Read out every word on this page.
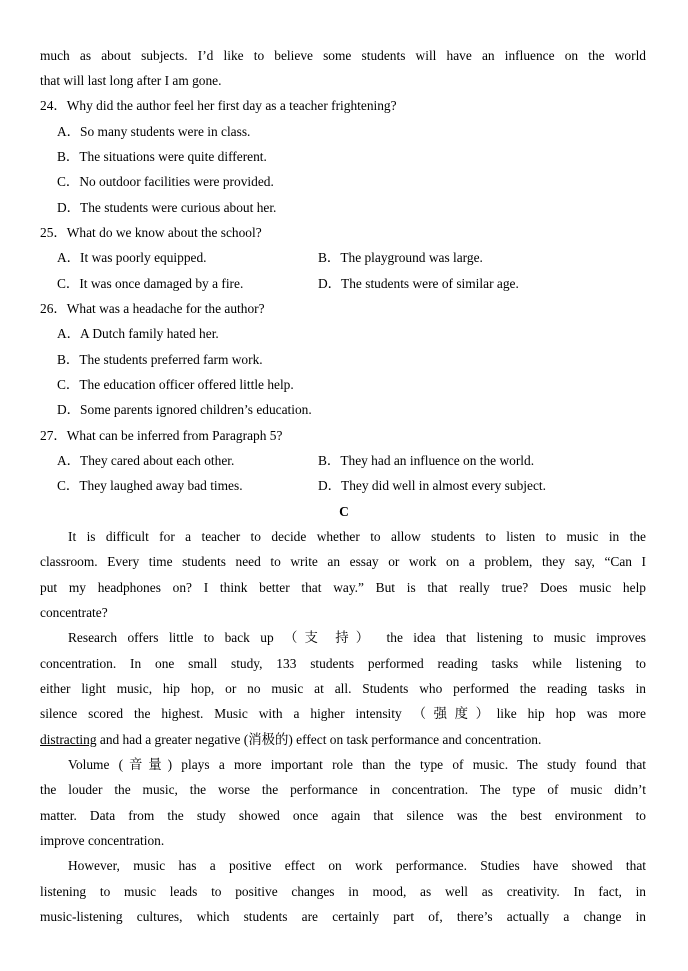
much as about subjects. I’d like to believe some students will have an influence on the world
that will last long after I am gone.
24．Why did the author feel her first day as a teacher frightening?
A．So many students were in class.
B．The situations were quite different.
C．No outdoor facilities were provided.
D．The students were curious about her.
25．What do we know about the school?
A．It was poorly equipped.	B．The playground was large.
C．It was once damaged by a fire.	D．The students were of similar age.
26．What was a headache for the author?
A．A Dutch family hated her.
B．The students preferred farm work.
C．The education officer offered little help.
D．Some parents ignored children’s education.
27．What can be inferred from Paragraph 5?
A．They cared about each other.	B．They had an influence on the world.
C．They laughed away bad times.	D．They did well in almost every subject.
C
It is difficult for a teacher to decide whether to allow students to listen to music in the
classroom. Every time students need to write an essay or work on a problem, they say, “Can I
put my headphones on? I think better that way.” But is that really true? Does music help
concentrate?
Research offers little to back up （支 持） the idea that listening to music improves
concentration. In one small study, 133 students performed reading tasks while listening to
either light music, hip hop, or no music at all. Students who performed the reading tasks in
silence scored the highest. Music with a higher intensity （强度）like hip hop was more
distracting and had a greater negative (消极的) effect on task performance and concentration.
Volume (音量) plays a more important role than the type of music. The study found that
the louder the music, the worse the performance in concentration. The type of music didn’t
matter. Data from the study showed once again that silence was the best environment to
improve concentration.
However, music has a positive effect on work performance. Studies have showed that
listening to music leads to positive changes in mood, as well as creativity. In fact, in
music-listening cultures, which students are certainly part of, there’s actually a change in
